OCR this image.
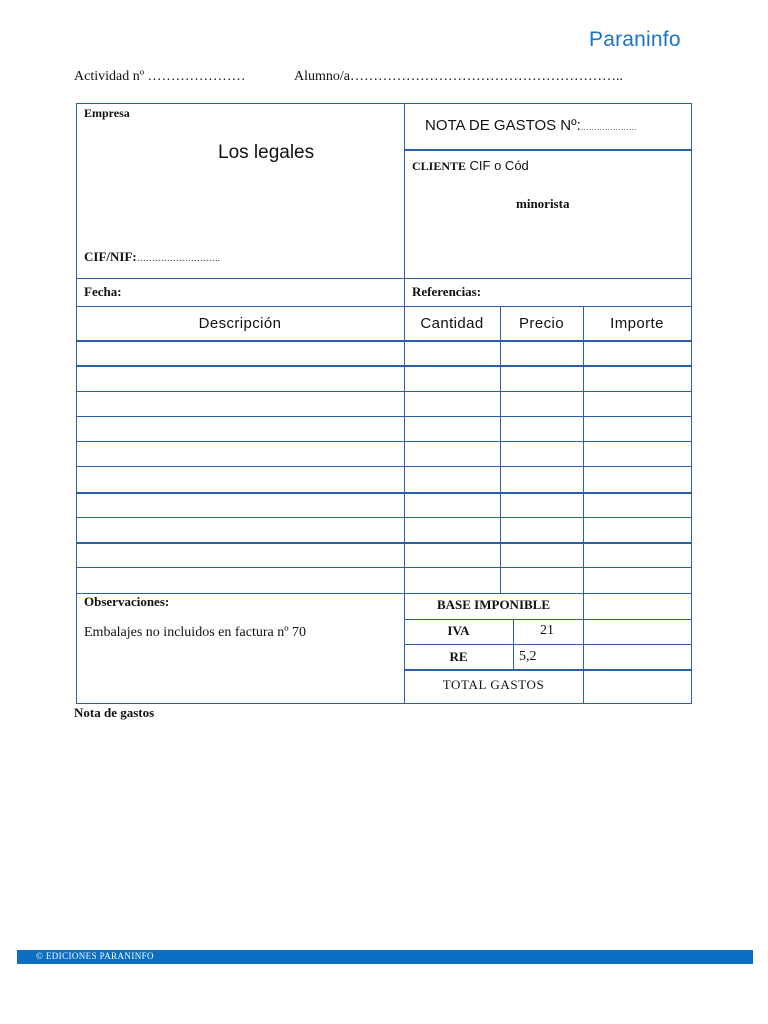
Paraninfo
Actividad nº …………………	Alumno/a…………………………………………………..
Empresa
Los legales
CIF/NIF:……………………….
NOTA DE GASTOS Nº:…………………
CLIENTE CIF o Cód
minorista
Fecha:	Referencias:
Descripción	Cantidad	Precio	Importe
Observaciones:
Embalajes no incluidos en factura nº 70
BASE IMPONIBLE
IVA	21
RE	5,2
TOTAL GASTOS
Nota de gastos
© EDICIONES PARANINFO
